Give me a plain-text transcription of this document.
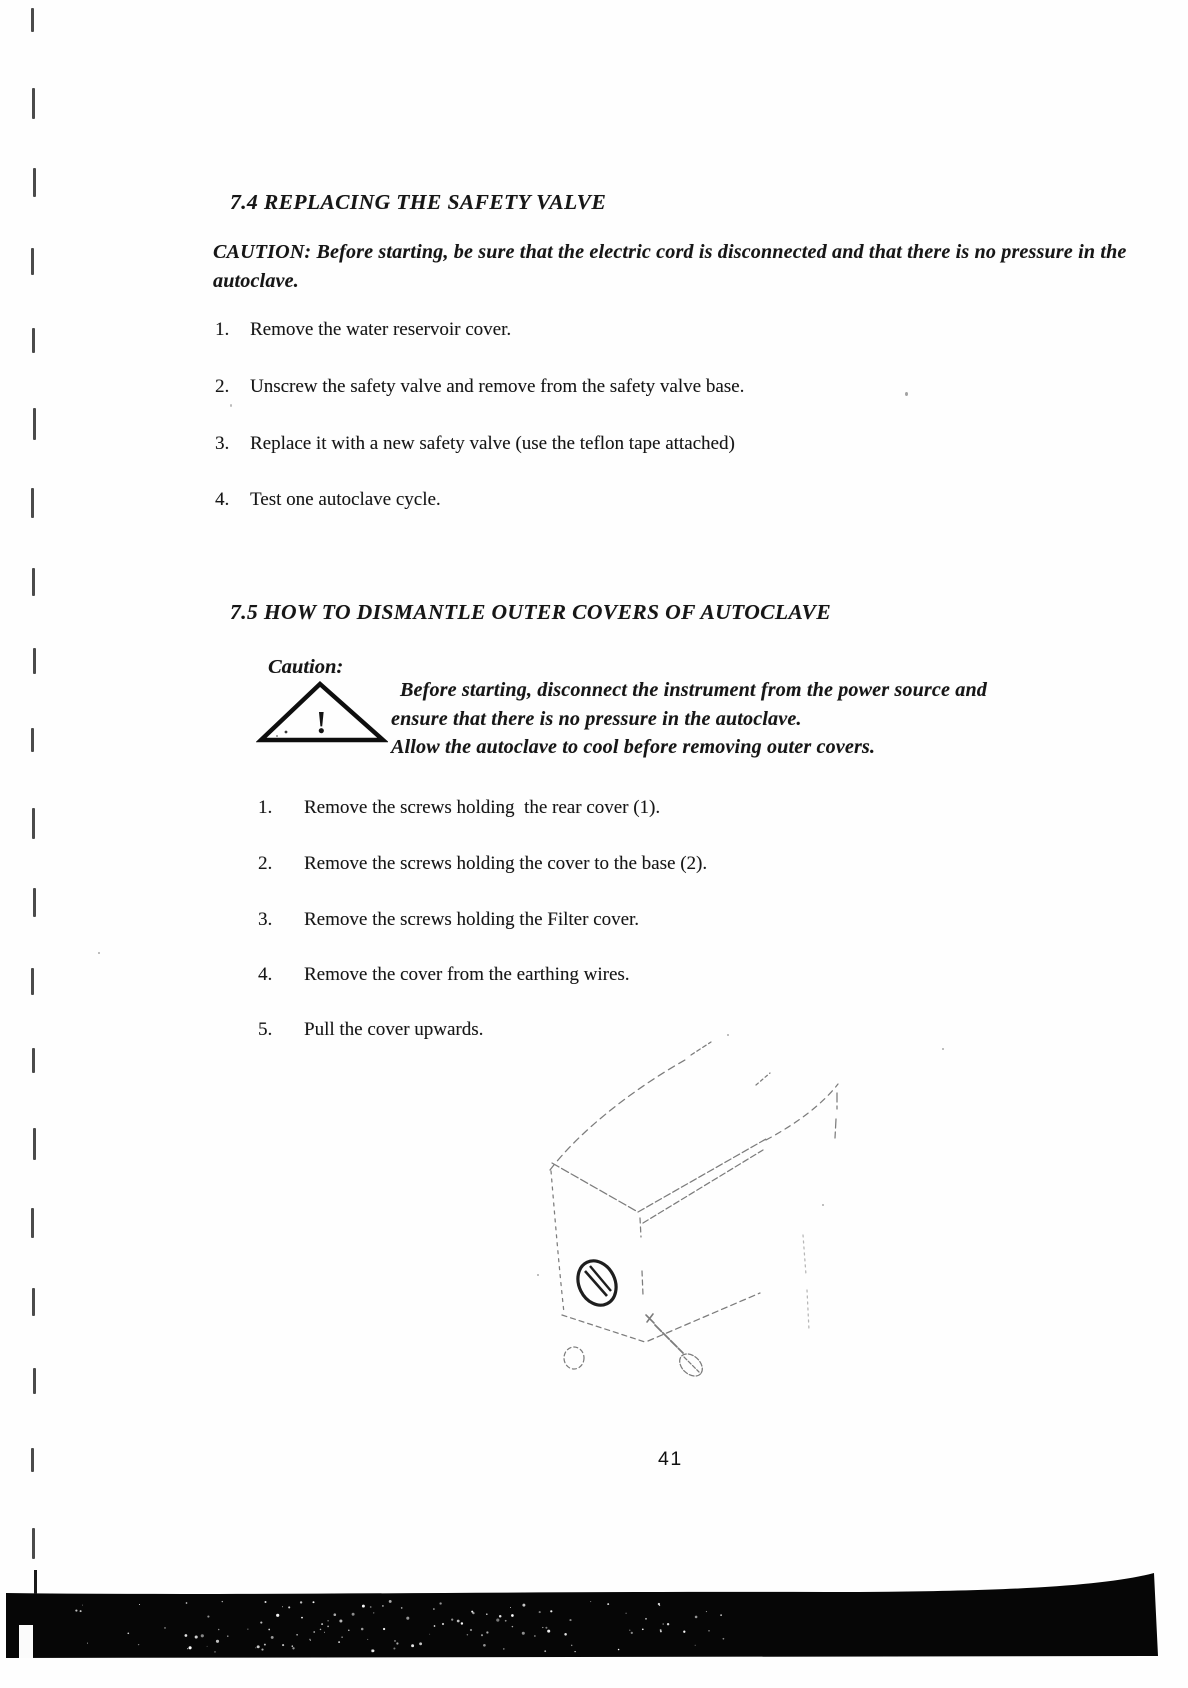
7.4 REPLACING THE SAFETY VALVE
CAUTION: Before starting, be sure that the electric cord is disconnected and that there is no pressure in the autoclave.
1. Remove the water reservoir cover.
2. Unscrew the safety valve and remove from the safety valve base.
3. Replace it with a new safety valve (use the teflon tape attached)
4. Test one autoclave cycle.
7.5 HOW TO DISMANTLE OUTER COVERS OF AUTOCLAVE
Caution:
!
Before starting, disconnect the instrument from the power source and
ensure that there is no pressure in the autoclave.
Allow the autoclave to cool before removing outer covers.
1. Remove the screws holding  the rear cover (1).
2. Remove the screws holding the cover to the base (2).
3. Remove the screws holding the Filter cover.
4. Remove the cover from the earthing wires.
5. Pull the cover upwards.
41
